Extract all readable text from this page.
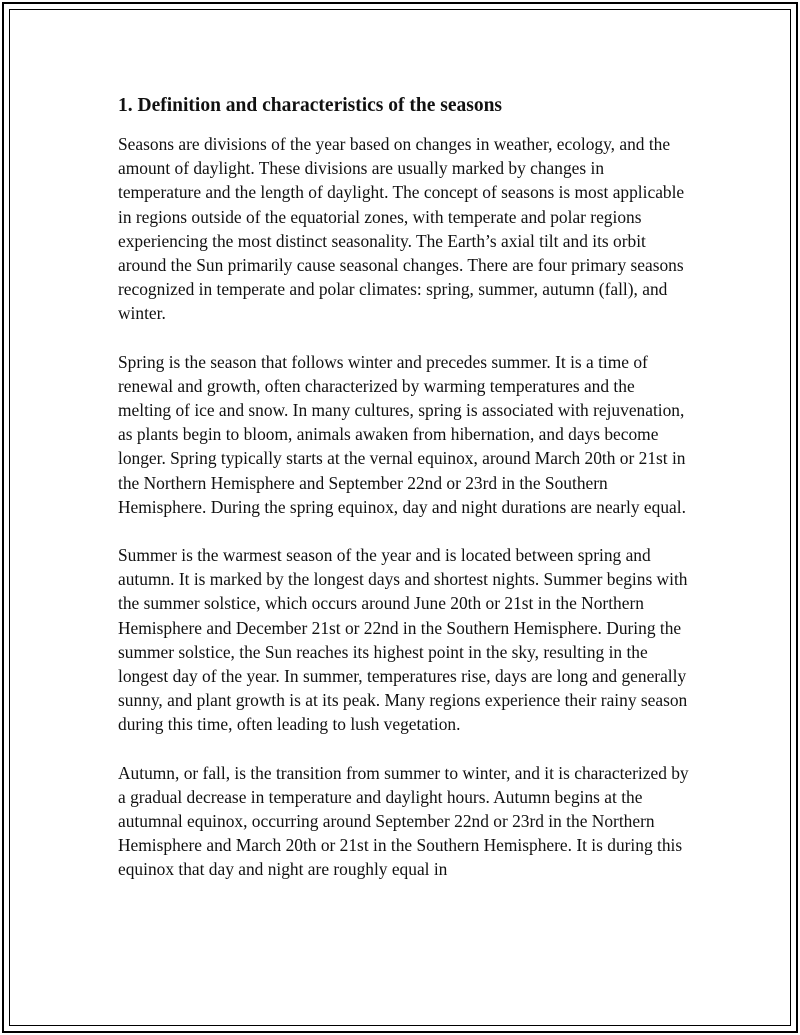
1. Definition and characteristics of the seasons

Seasons are divisions of the year based on changes in weather, ecology, and the amount of daylight. These divisions are usually marked by changes in temperature and the length of daylight. The concept of seasons is most applicable in regions outside of the equatorial zones, with temperate and polar regions experiencing the most distinct seasonality. The Earth’s axial tilt and its orbit around the Sun primarily cause seasonal changes. There are four primary seasons recognized in temperate and polar climates: spring, summer, autumn (fall), and winter.

Spring is the season that follows winter and precedes summer. It is a time of renewal and growth, often characterized by warming temperatures and the melting of ice and snow. In many cultures, spring is associated with rejuvenation, as plants begin to bloom, animals awaken from hibernation, and days become longer. Spring typically starts at the vernal equinox, around March 20th or 21st in the Northern Hemisphere and September 22nd or 23rd in the Southern Hemisphere. During the spring equinox, day and night durations are nearly equal.

Summer is the warmest season of the year and is located between spring and autumn. It is marked by the longest days and shortest nights. Summer begins with the summer solstice, which occurs around June 20th or 21st in the Northern Hemisphere and December 21st or 22nd in the Southern Hemisphere. During the summer solstice, the Sun reaches its highest point in the sky, resulting in the longest day of the year. In summer, temperatures rise, days are long and generally sunny, and plant growth is at its peak. Many regions experience their rainy season during this time, often leading to lush vegetation.

Autumn, or fall, is the transition from summer to winter, and it is characterized by a gradual decrease in temperature and daylight hours. Autumn begins at the autumnal equinox, occurring around September 22nd or 23rd in the Northern Hemisphere and March 20th or 21st in the Southern Hemisphere. It is during this equinox that day and night are roughly equal in
